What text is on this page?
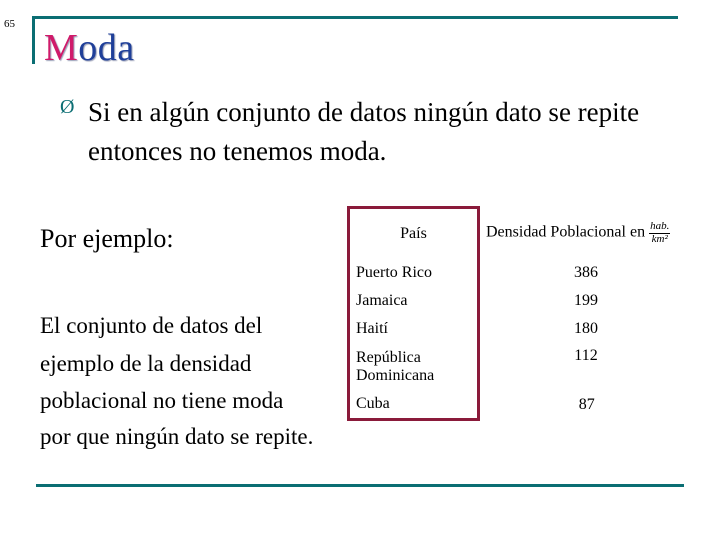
65
Moda
Ø Si en algún conjunto de datos ningún dato se repite entonces no tenemos moda.
Por ejemplo:
El conjunto de datos del ejemplo de la densidad poblacional no tiene moda
por que ningún dato se repite.
País	Densidad Poblacional en $\frac{\text{hab.}}{\text{km²}}$

Puerto Rico	386
Jamaica	199
Haití	180
República Dominicana	112
Cuba	87
